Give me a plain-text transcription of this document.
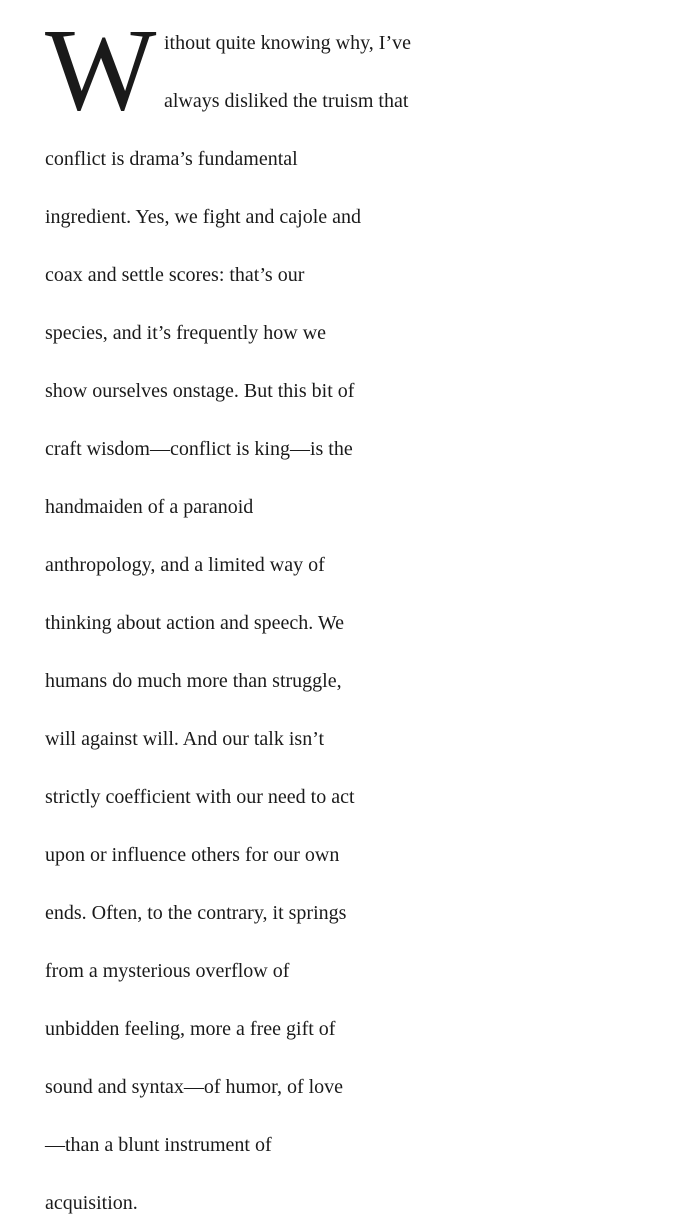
W ithout quite knowing why, I’ve
always disliked the truism that
conflict is drama’s fundamental
ingredient. Yes, we fight and cajole and
coax and settle scores: that’s our
species, and it’s frequently how we
show ourselves onstage. But this bit of
craft wisdom—conflict is king—is the
handmaiden of a paranoid
anthropology, and a limited way of
thinking about action and speech. We
humans do much more than struggle,
will against will. And our talk isn’t
strictly coefficient with our need to act
upon or influence others for our own
ends. Often, to the contrary, it springs
from a mysterious overflow of
unbidden feeling, more a free gift of
sound and syntax—of humor, of love
—than a blunt instrument of
acquisition.
